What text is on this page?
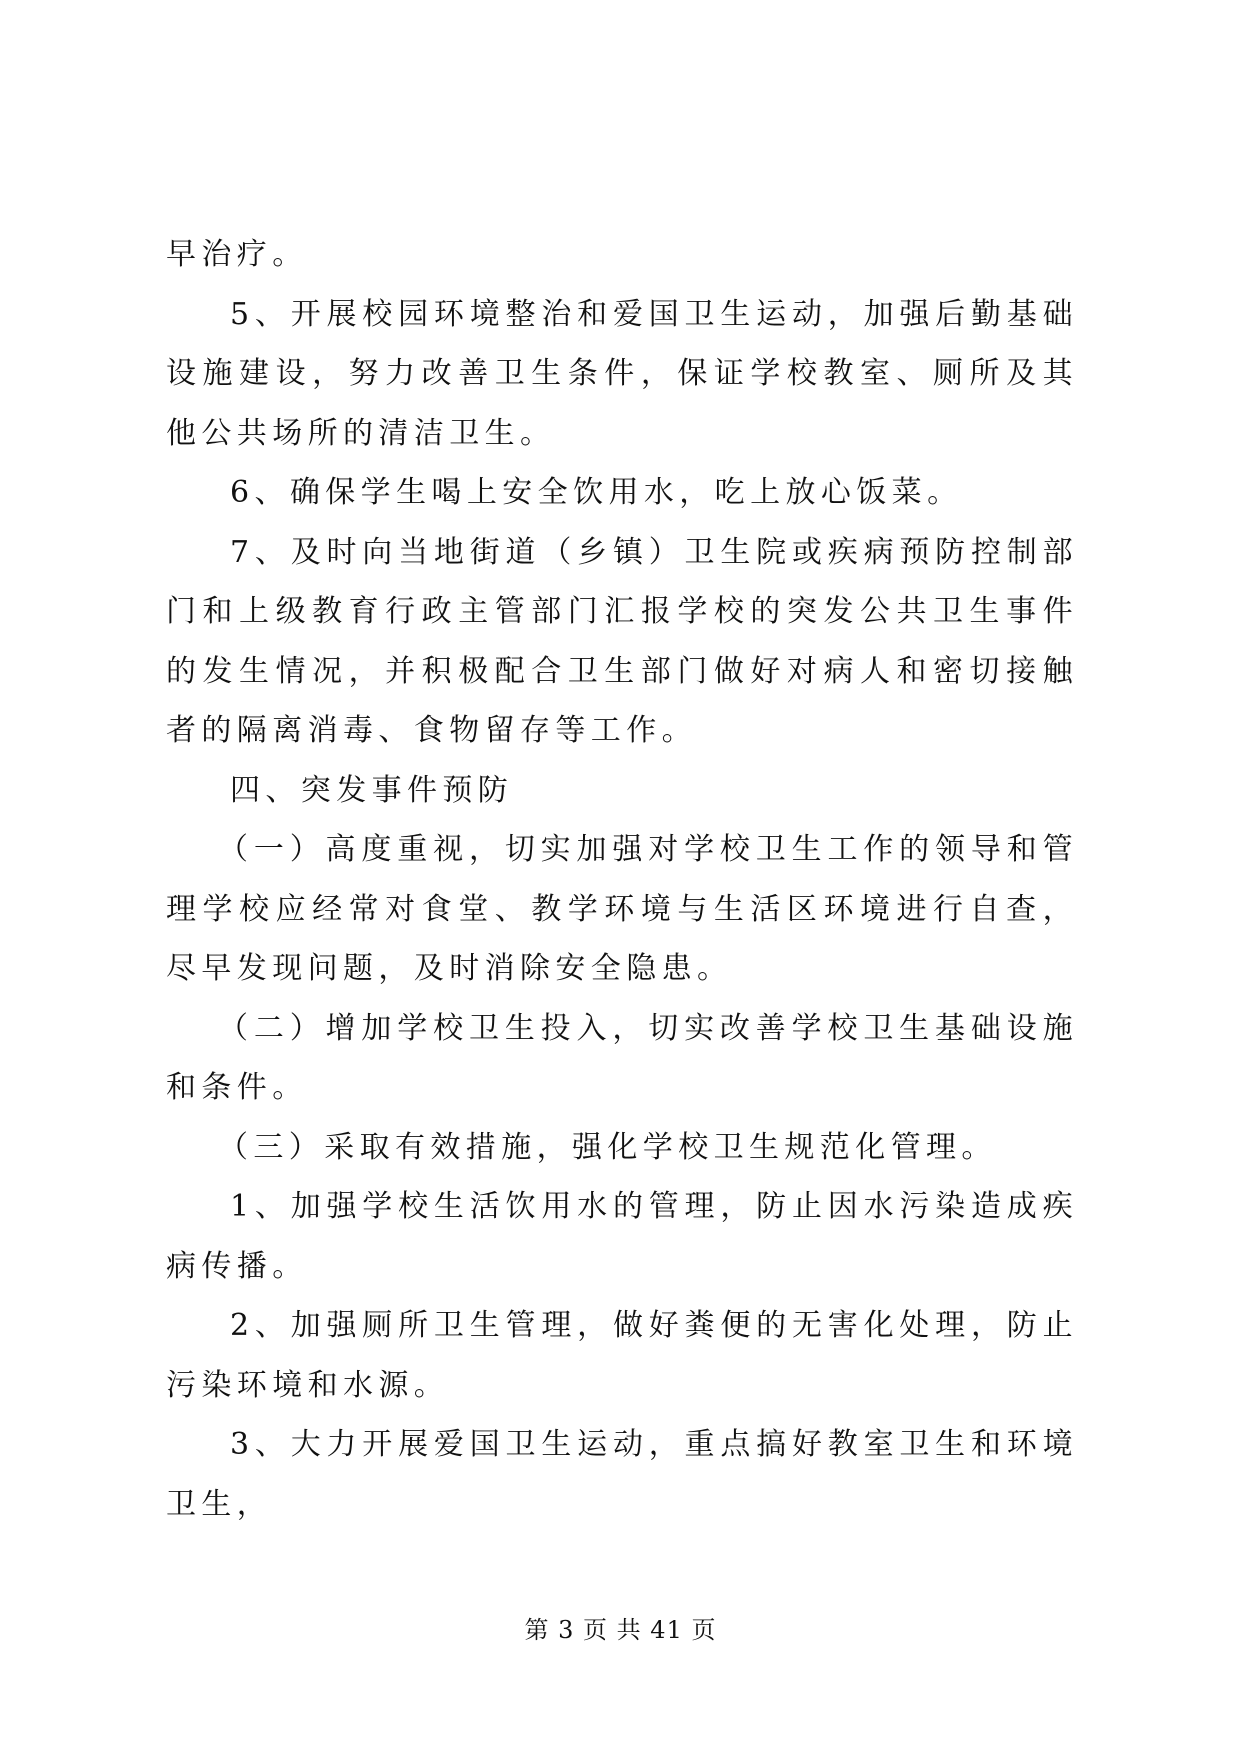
早治疗。

5、开展校园环境整治和爱国卫生运动，加强后勤基础设施建设，努力改善卫生条件，保证学校教室、厕所及其他公共场所的清洁卫生。

6、确保学生喝上安全饮用水，吃上放心饭菜。

7、及时向当地街道（乡镇）卫生院或疾病预防控制部门和上级教育行政主管部门汇报学校的突发公共卫生事件的发生情况，并积极配合卫生部门做好对病人和密切接触者的隔离消毒、食物留存等工作。

四、突发事件预防

（一）高度重视，切实加强对学校卫生工作的领导和管理学校应经常对食堂、教学环境与生活区环境进行自查，尽早发现问题，及时消除安全隐患。

（二）增加学校卫生投入，切实改善学校卫生基础设施和条件。

（三）采取有效措施，强化学校卫生规范化管理。

1、加强学校生活饮用水的管理，防止因水污染造成疾病传播。

2、加强厕所卫生管理，做好粪便的无害化处理，防止污染环境和水源。

3、大力开展爱国卫生运动，重点搞好教室卫生和环境卫生，

第 3 页 共 41 页
